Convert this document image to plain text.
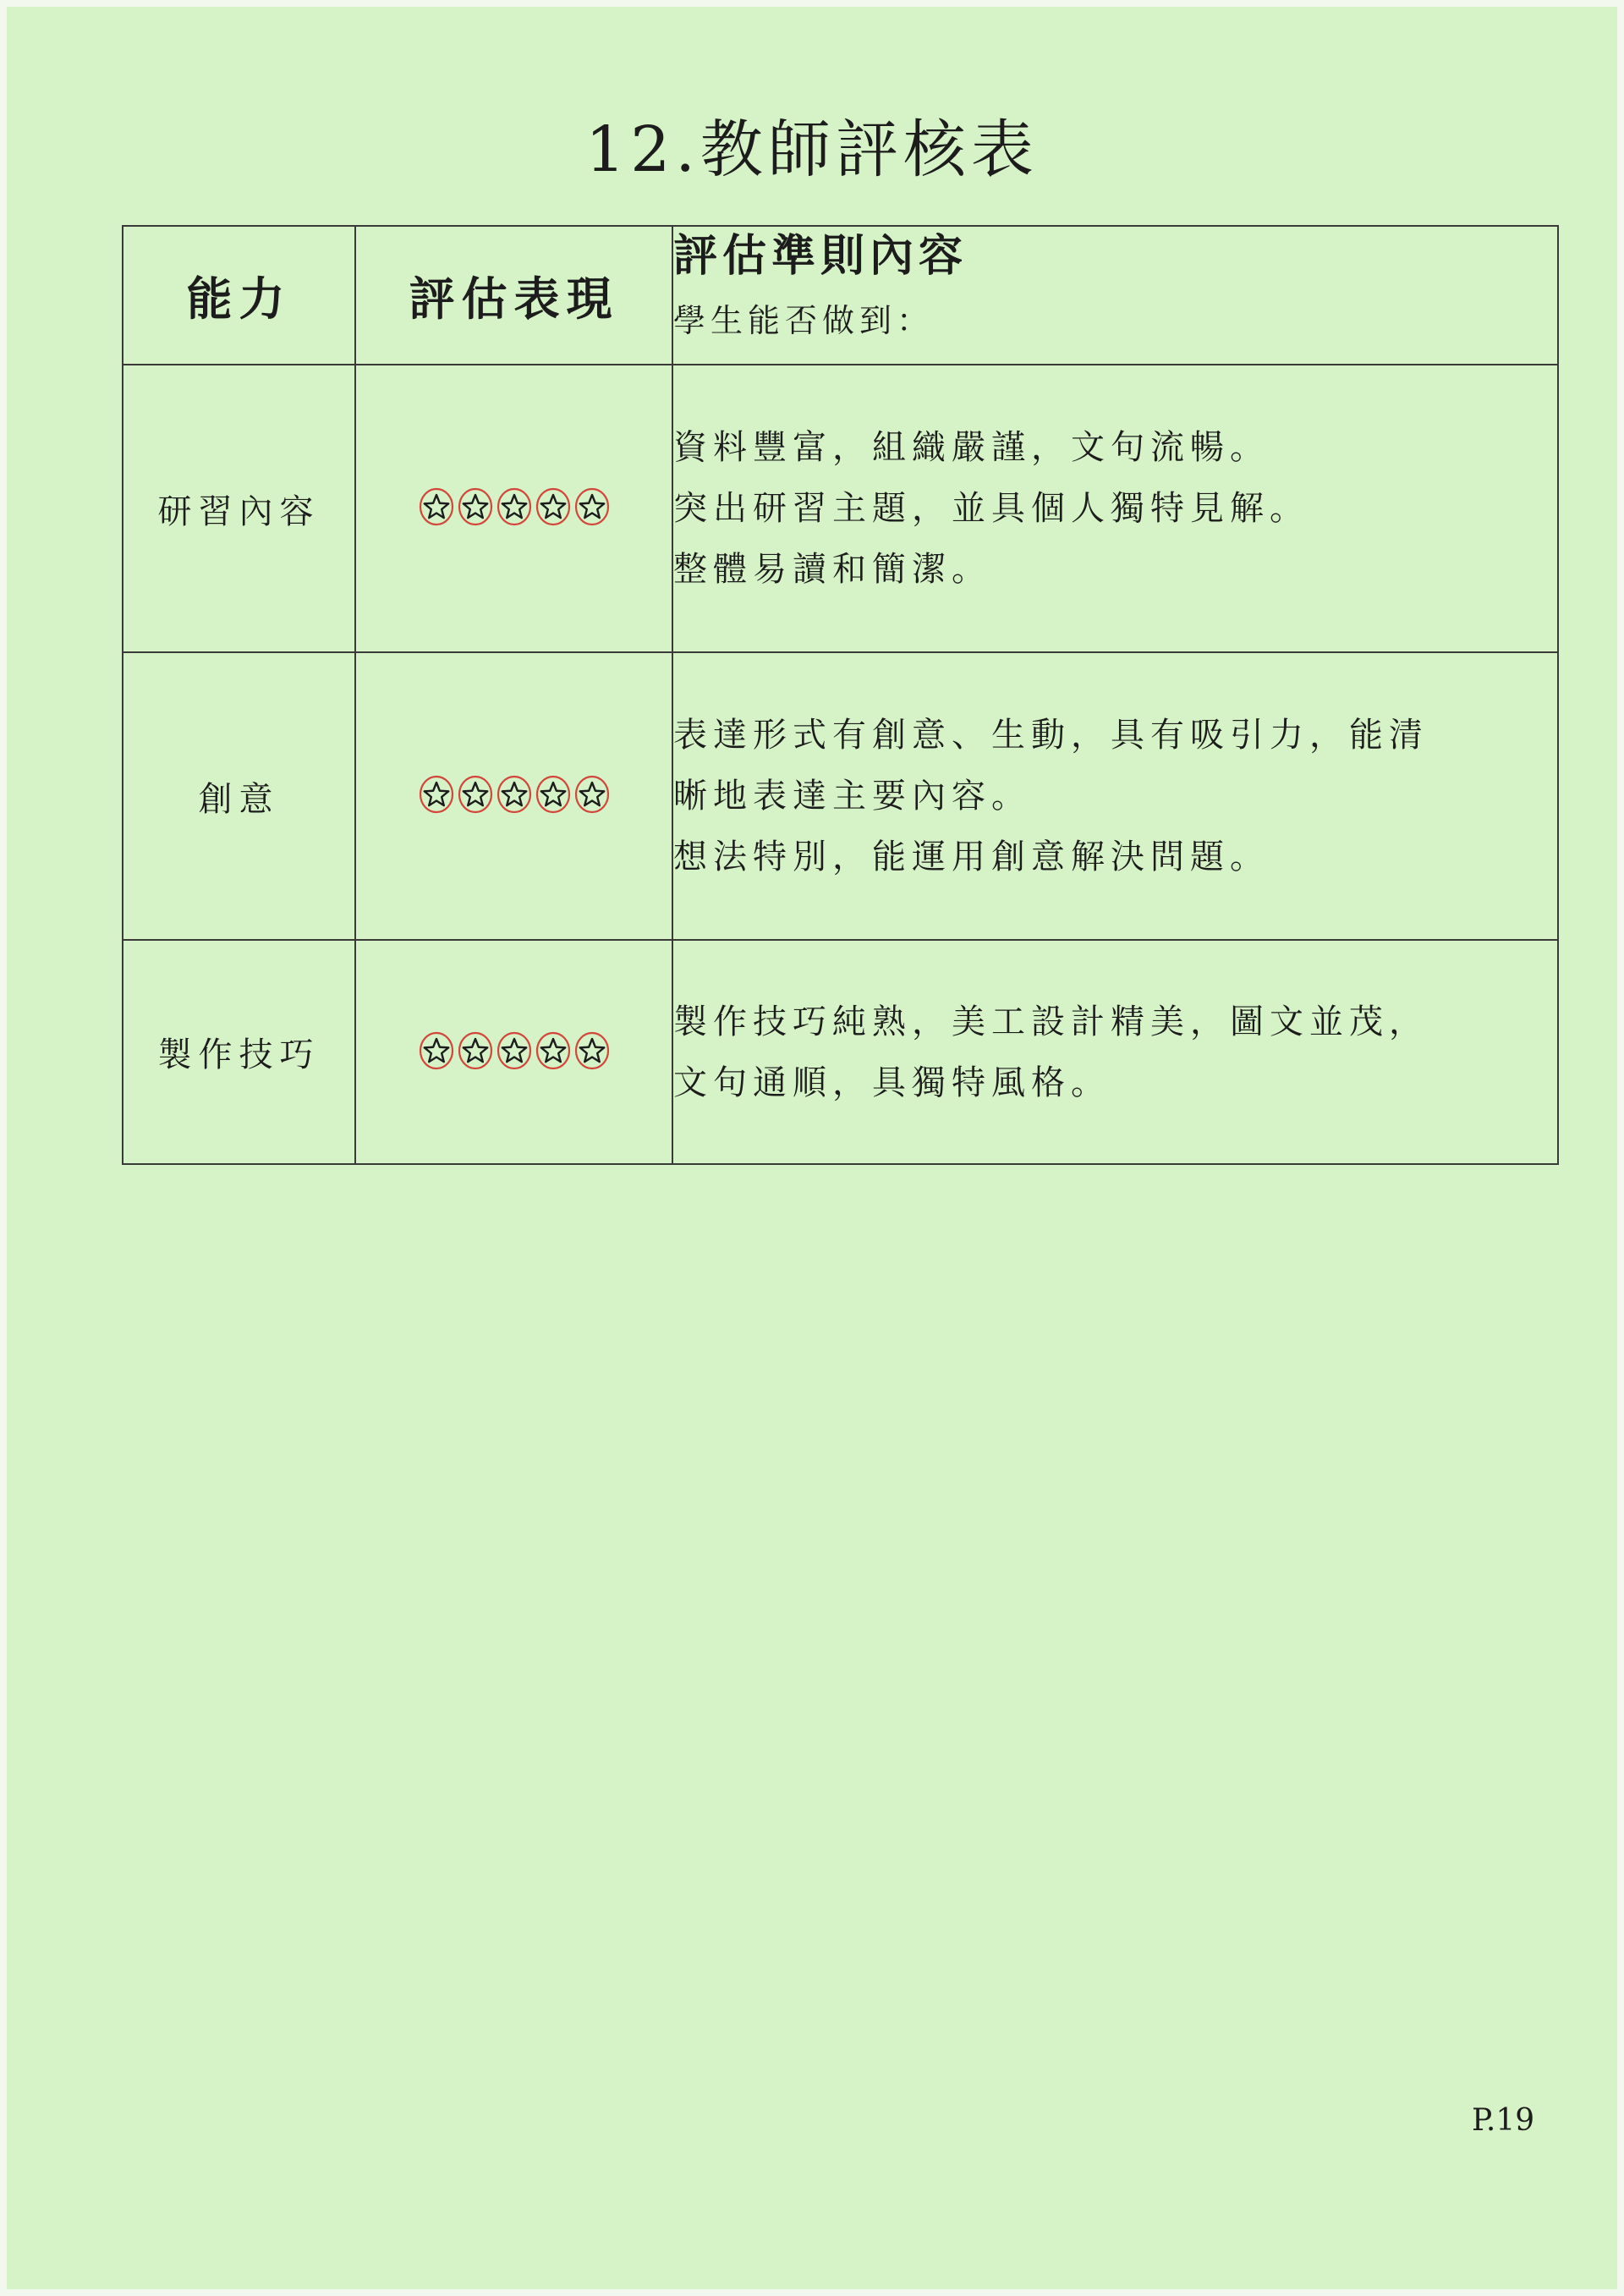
12.教師評核表
能力	評估表現	評估準則內容
學生能否做到：

研習內容		資料豐富，組織嚴謹，文句流暢。
突出研習主題，並具個人獨特見解。
整體易讀和簡潔。

創意		表達形式有創意、生動，具有吸引力，能清
晰地表達主要內容。
想法特別，能運用創意解決問題。

製作技巧		製作技巧純熟，美工設計精美，圖文並茂，
文句通順，具獨特風格。
P.19
